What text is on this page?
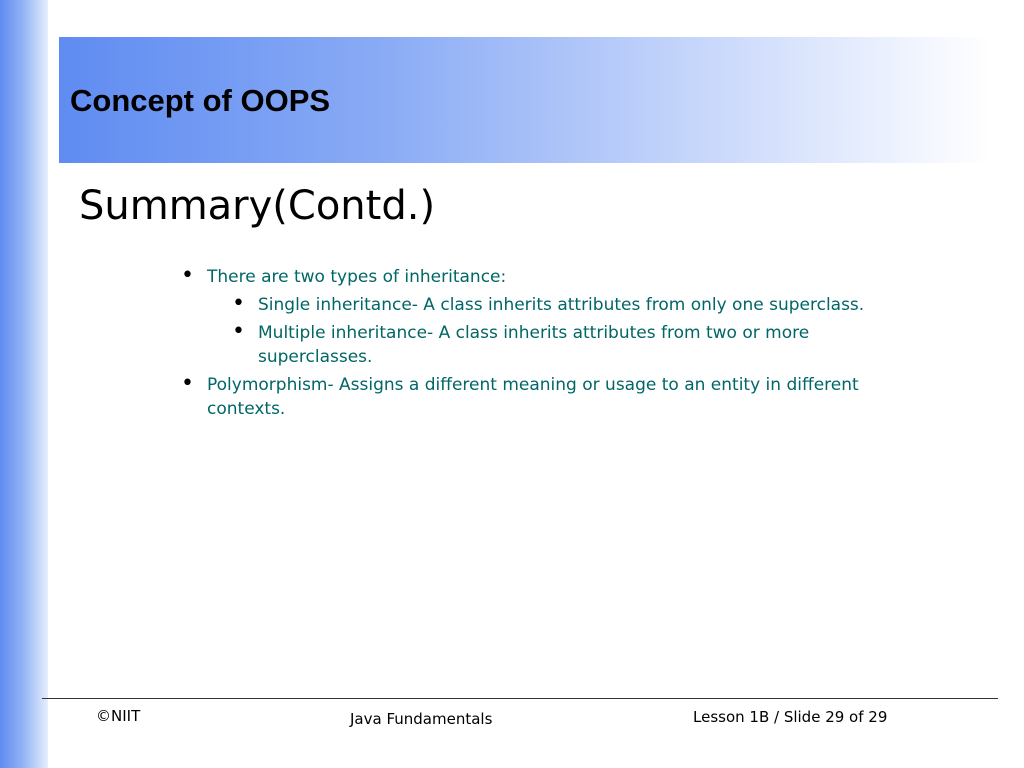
Concept of OOPS
Summary(Contd.)
• There are two types of inheritance:
• Single inheritance- A class inherits attributes from only one superclass.
• Multiple inheritance- A class inherits attributes from two or more superclasses.
• Polymorphism- Assigns a different meaning or usage to an entity in different contexts.
©NIIT	Java Fundamentals	Lesson 1B / Slide 29 of 29
